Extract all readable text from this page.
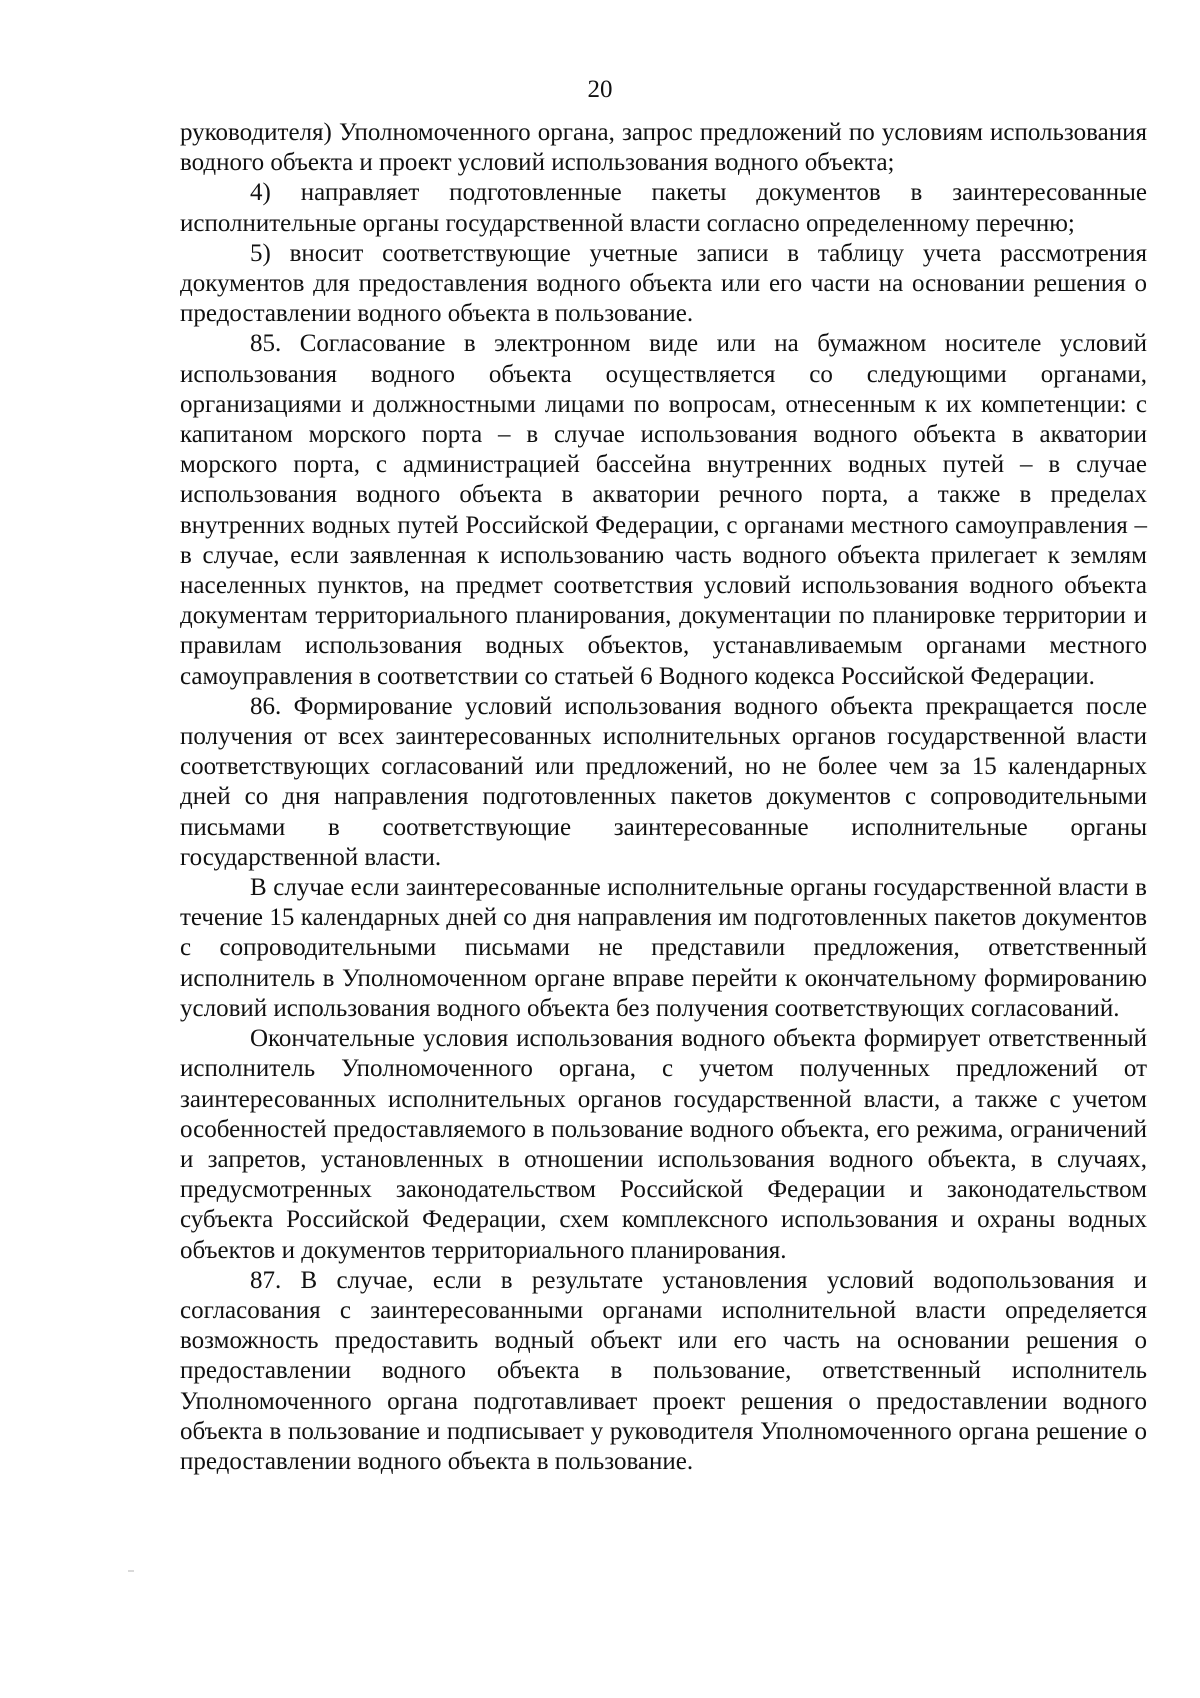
20

руководителя) Уполномоченного органа, запрос предложений по условиям использования водного объекта и проект условий использования водного объекта;

4) направляет подготовленные пакеты документов в заинтересованные исполнительные органы государственной власти согласно определенному перечню;

5) вносит соответствующие учетные записи в таблицу учета рассмотрения документов для предоставления водного объекта или его части на основании решения о предоставлении водного объекта в пользование.

85. Согласование в электронном виде или на бумажном носителе условий использования водного объекта осуществляется со следующими органами, организациями и должностными лицами по вопросам, отнесенным к их компетенции: с капитаном морского порта – в случае использования водного объекта в акватории морского порта, с администрацией бассейна внутренних водных путей – в случае использования водного объекта в акватории речного порта, а также в пределах внутренних водных путей Российской Федерации, с органами местного самоуправления – в случае, если заявленная к использованию часть водного объекта прилегает к землям населенных пунктов, на предмет соответствия условий использования водного объекта документам территориального планирования, документации по планировке территории и правилам использования водных объектов, устанавливаемым органами местного самоуправления в соответствии со статьей 6 Водного кодекса Российской Федерации.

86. Формирование условий использования водного объекта прекращается после получения от всех заинтересованных исполнительных органов государственной власти соответствующих согласований или предложений, но не более чем за 15 календарных дней со дня направления подготовленных пакетов документов с сопроводительными письмами в соответствующие заинтересованные исполнительные органы государственной власти.

В случае если заинтересованные исполнительные органы государственной власти в течение 15 календарных дней со дня направления им подготовленных пакетов документов с сопроводительными письмами не представили предложения, ответственный исполнитель в Уполномоченном органе вправе перейти к окончательному формированию условий использования водного объекта без получения соответствующих согласований.

Окончательные условия использования водного объекта формирует ответственный исполнитель Уполномоченного органа, с учетом полученных предложений от заинтересованных исполнительных органов государственной власти, а также с учетом особенностей предоставляемого в пользование водного объекта, его режима, ограничений и запретов, установленных в отношении использования водного объекта, в случаях, предусмотренных законодательством Российской Федерации и законодательством субъекта Российской Федерации, схем комплексного использования и охраны водных объектов и документов территориального планирования.

87. В случае, если в результате установления условий водопользования и согласования с заинтересованными органами исполнительной власти определяется возможность предоставить водный объект или его часть на основании решения о предоставлении водного объекта в пользование, ответственный исполнитель Уполномоченного органа подготавливает проект решения о предоставлении водного объекта в пользование и подписывает у руководителя Уполномоченного органа решение о предоставлении водного объекта в пользование.
